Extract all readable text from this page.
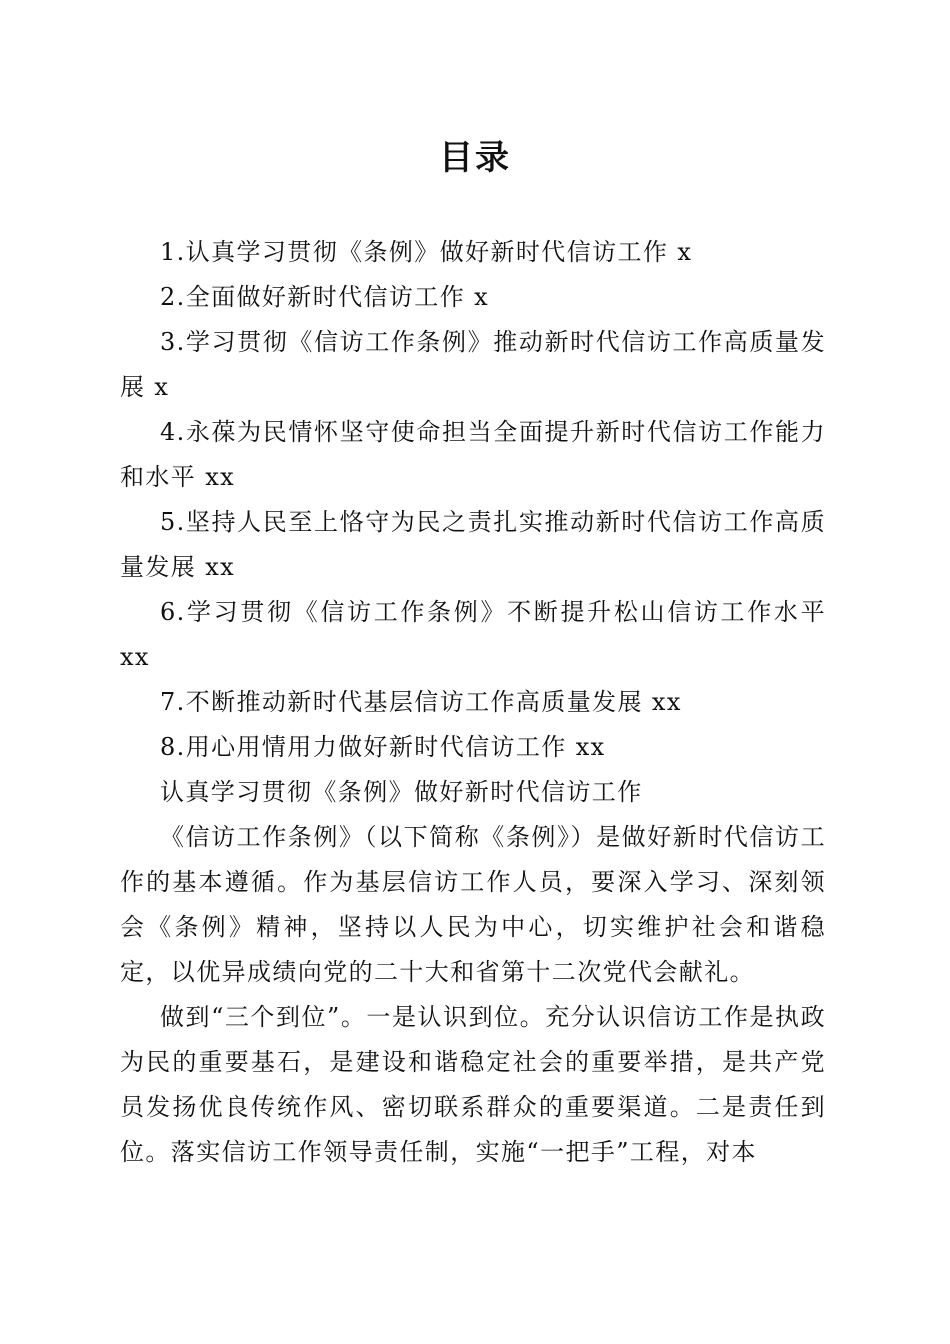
目录

1.认真学习贯彻《条例》做好新时代信访工作 x

2.全面做好新时代信访工作 x

3.学习贯彻《信访工作条例》推动新时代信访工作高质量发展 x

4.永葆为民情怀坚守使命担当全面提升新时代信访工作能力和水平 xx

5.坚持人民至上恪守为民之责扎实推动新时代信访工作高质量发展 xx

6.学习贯彻《信访工作条例》不断提升松山信访工作水平 xx

7.不断推动新时代基层信访工作高质量发展 xx

8.用心用情用力做好新时代信访工作 xx

认真学习贯彻《条例》做好新时代信访工作

《信访工作条例》（以下简称《条例》）是做好新时代信访工作的基本遵循。作为基层信访工作人员，要深入学习、深刻领会《条例》精神，坚持以人民为中心，切实维护社会和谐稳定，以优异成绩向党的二十大和省第十二次党代会献礼。

做到“三个到位”。一是认识到位。充分认识信访工作是执政为民的重要基石，是建设和谐稳定社会的重要举措，是共产党员发扬优良传统作风、密切联系群众的重要渠道。二是责任到位。落实信访工作领导责任制，实施“一把手”工程，对本
